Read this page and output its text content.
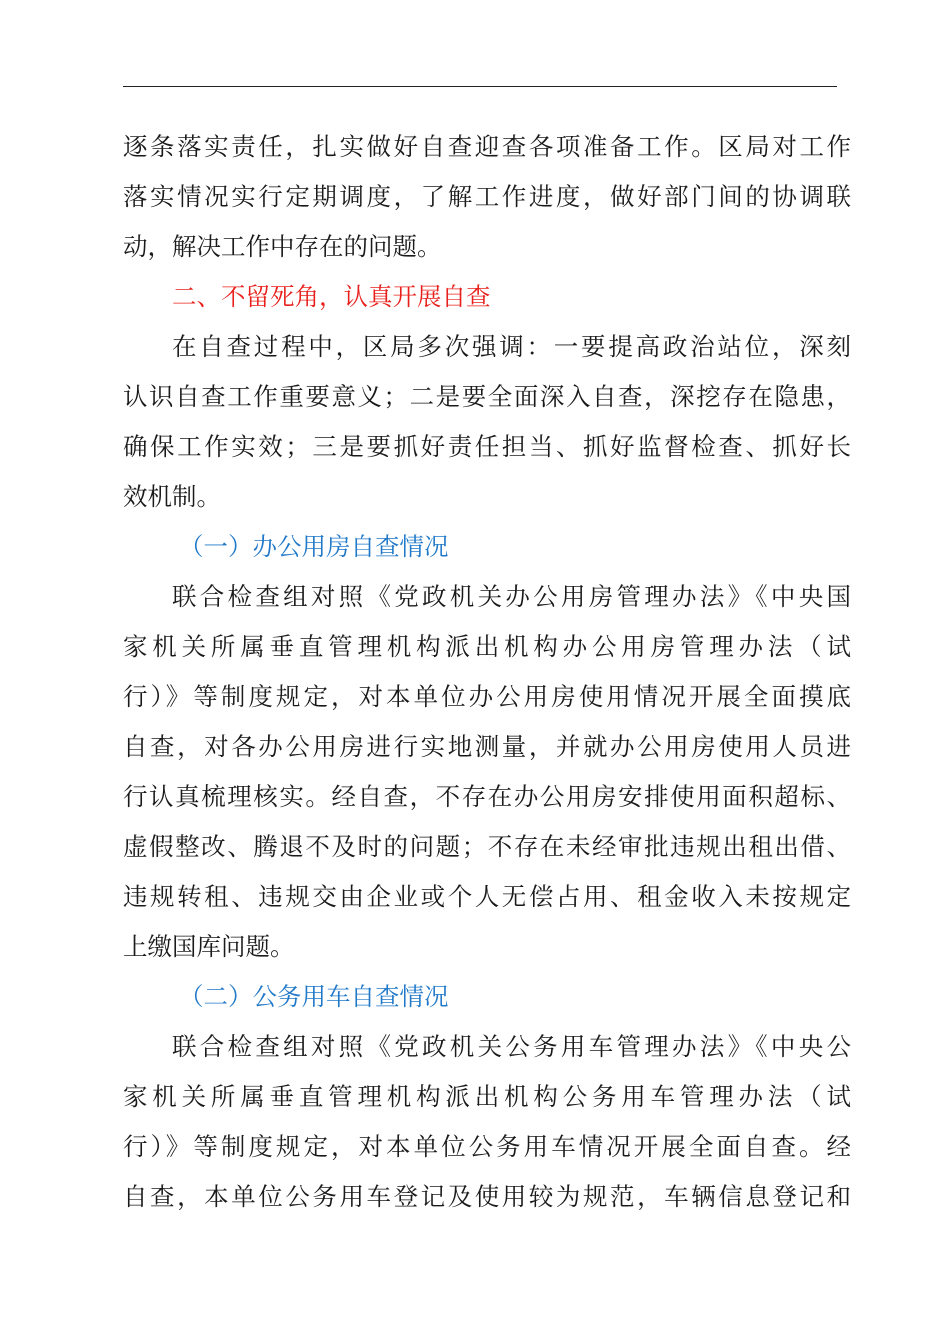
逐条落实责任，扎实做好自查迎查各项准备工作。区局对工作
落实情况实行定期调度，了解工作进度，做好部门间的协调联
动，解决工作中存在的问题。
二、不留死角，认真开展自查
在自查过程中，区局多次强调：一要提高政治站位，深刻
认识自查工作重要意义；二是要全面深入自查，深挖存在隐患，
确保工作实效；三是要抓好责任担当、抓好监督检查、抓好长
效机制。
（一）办公用房自查情况
联合检查组对照《党政机关办公用房管理办法》《中央国
家机关所属垂直管理机构派出机构办公用房管理办法（试
行）》等制度规定，对本单位办公用房使用情况开展全面摸底
自查，对各办公用房进行实地测量，并就办公用房使用人员进
行认真梳理核实。经自查，不存在办公用房安排使用面积超标、
虚假整改、腾退不及时的问题；不存在未经审批违规出租出借、
违规转租、违规交由企业或个人无偿占用、租金收入未按规定
上缴国库问题。
（二）公务用车自查情况
联合检查组对照《党政机关公务用车管理办法》《中央公
家机关所属垂直管理机构派出机构公务用车管理办法（试
行）》等制度规定，对本单位公务用车情况开展全面自查。经
自查，本单位公务用车登记及使用较为规范，车辆信息登记和
